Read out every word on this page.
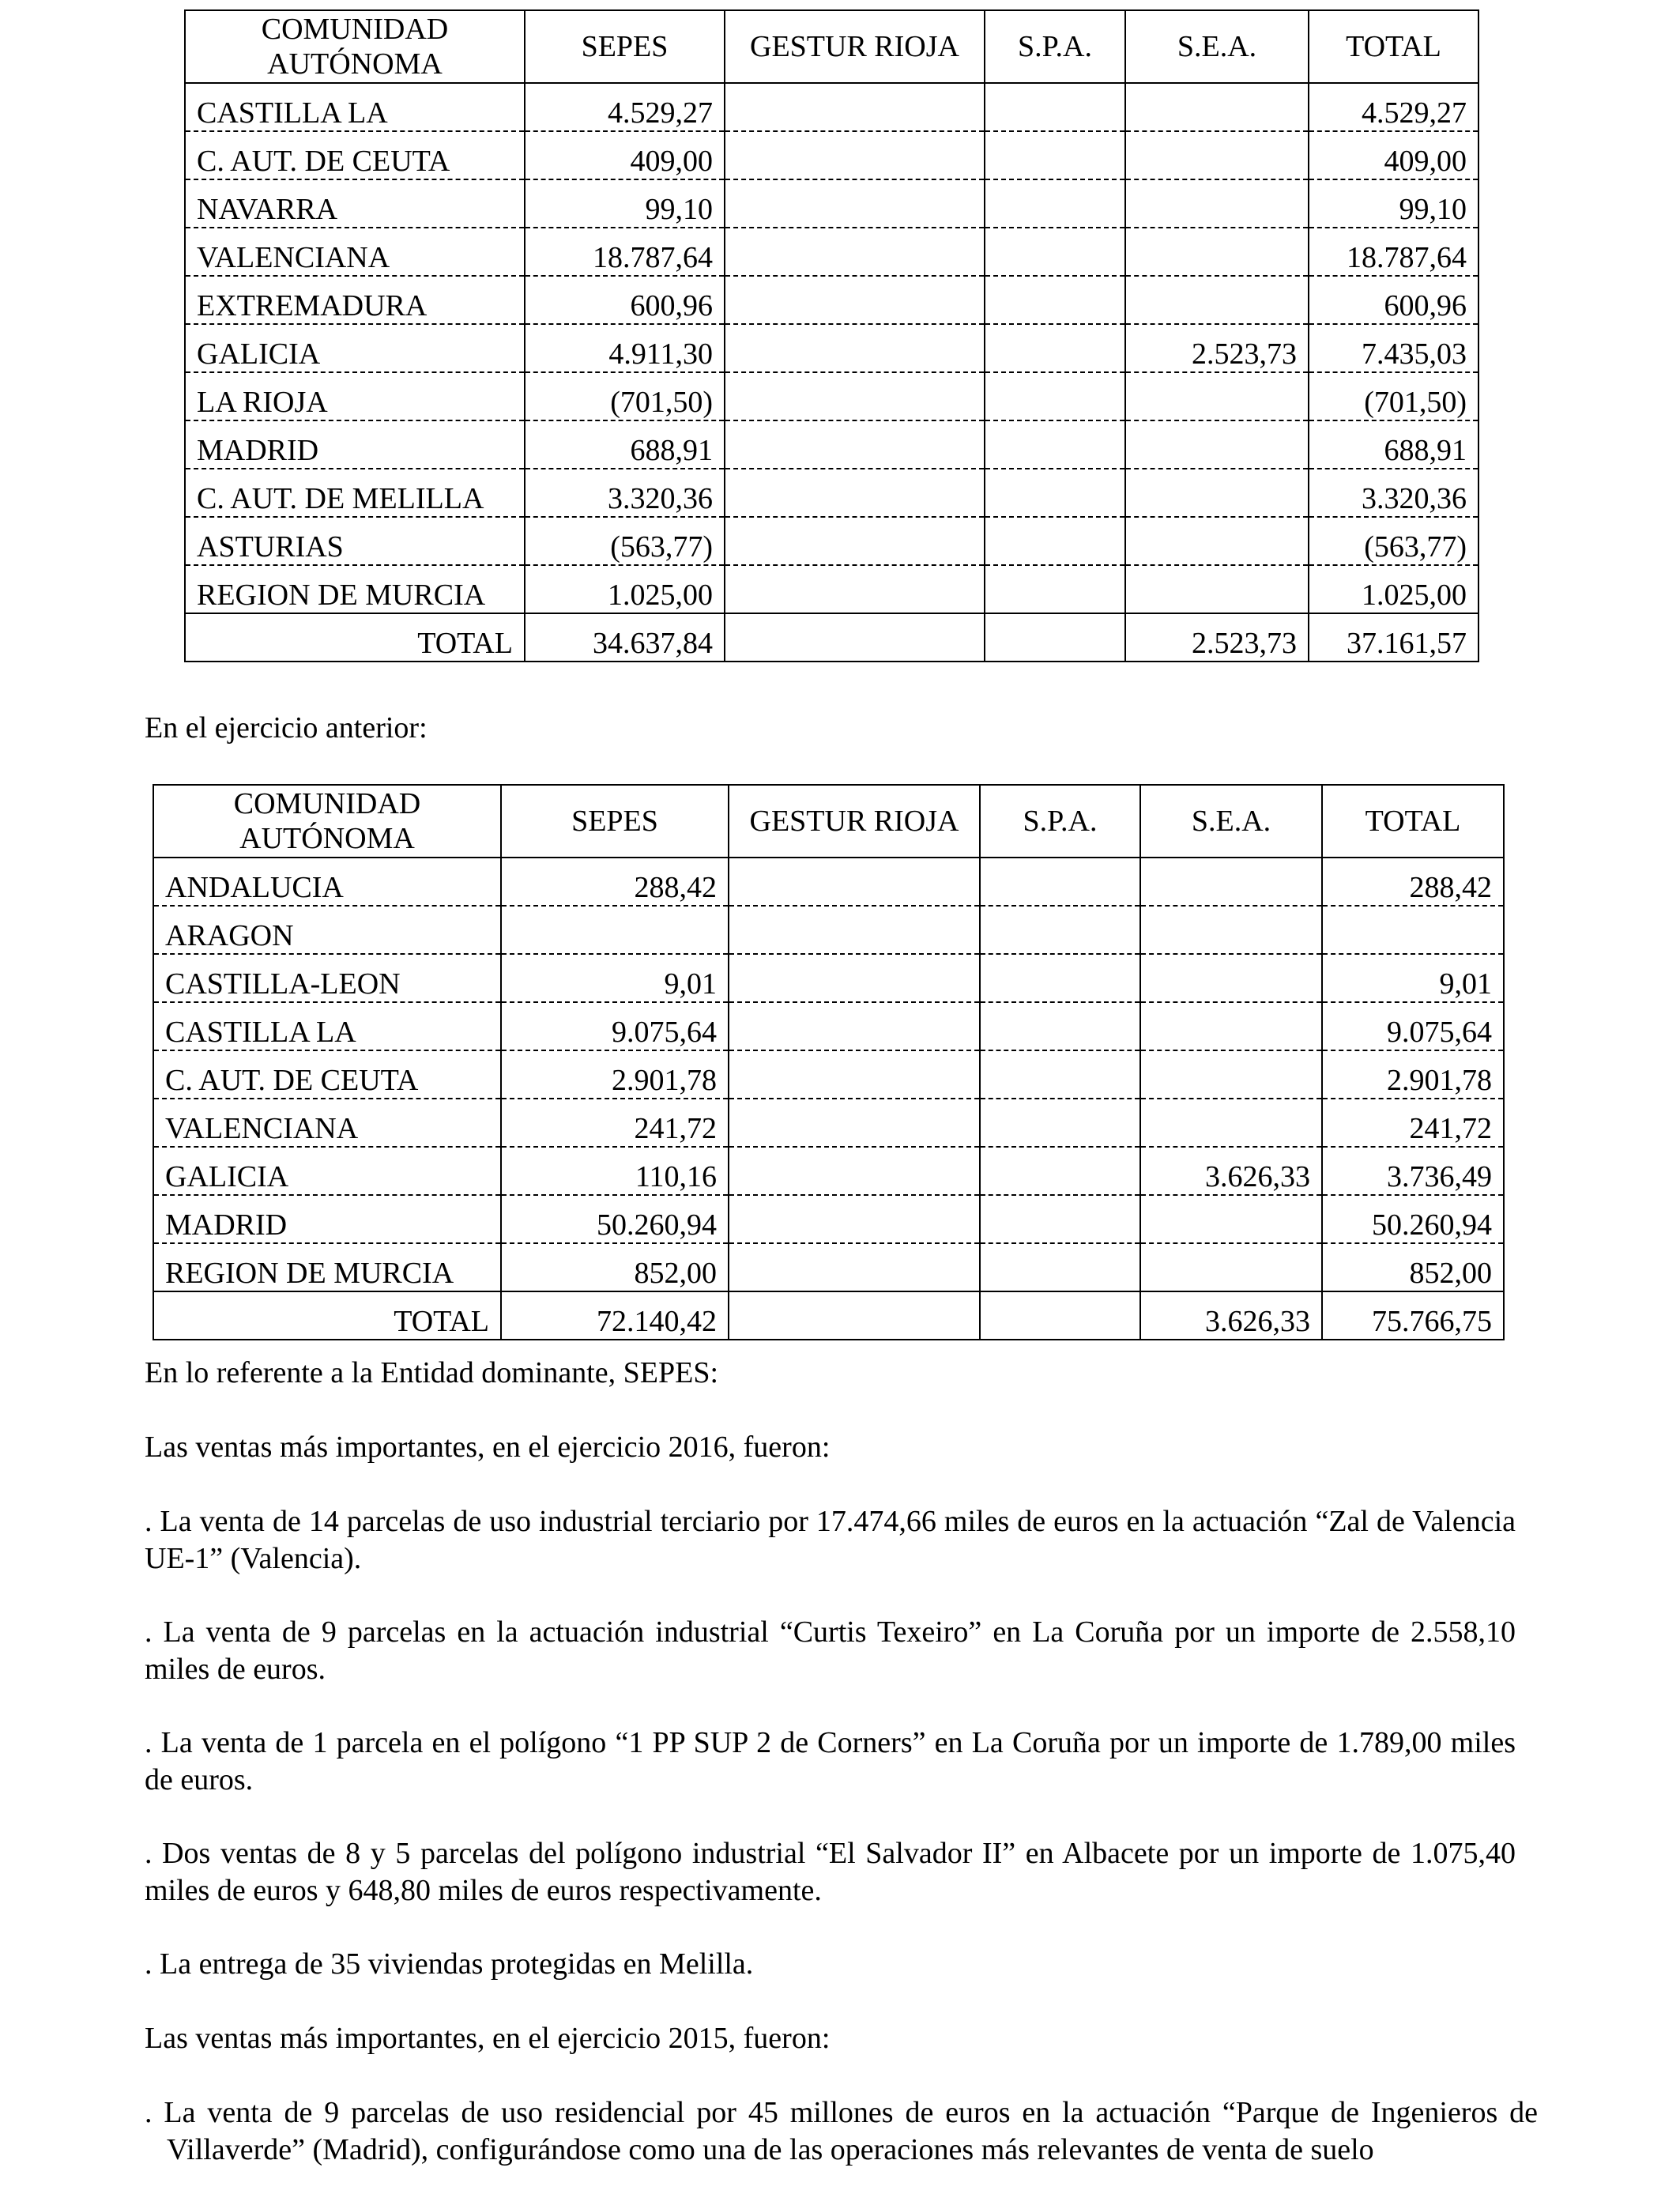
COMUNIDAD AUTÓNOMA	SEPES	GESTUR RIOJA	S.P.A.	S.E.A.	TOTAL
CASTILLA LA	4.529,27				4.529,27
C. AUT. DE CEUTA	409,00				409,00
NAVARRA	99,10				99,10
VALENCIANA	18.787,64				18.787,64
EXTREMADURA	600,96				600,96
GALICIA	4.911,30			2.523,73	7.435,03
LA RIOJA	(701,50)				(701,50)
MADRID	688,91				688,91
C. AUT. DE MELILLA	3.320,36				3.320,36
ASTURIAS	(563,77)				(563,77)
REGION DE MURCIA	1.025,00				1.025,00
TOTAL	34.637,84			2.523,73	37.161,57

En el ejercicio anterior:

COMUNIDAD AUTÓNOMA	SEPES	GESTUR RIOJA	S.P.A.	S.E.A.	TOTAL
ANDALUCIA	288,42				288,42
ARAGON					
CASTILLA-LEON	9,01				9,01
CASTILLA LA	9.075,64				9.075,64
C. AUT. DE CEUTA	2.901,78				2.901,78
VALENCIANA	241,72				241,72
GALICIA	110,16			3.626,33	3.736,49
MADRID	50.260,94				50.260,94
REGION DE MURCIA	852,00				852,00
TOTAL	72.140,42			3.626,33	75.766,75

En lo referente a la Entidad dominante, SEPES:

Las ventas más importantes, en el ejercicio 2016, fueron:

. La venta de 14 parcelas de uso industrial terciario por 17.474,66 miles de euros en la actuación “Zal de Valencia UE-1” (Valencia).

. La venta de 9 parcelas en la actuación industrial “Curtis Texeiro” en La Coruña por un importe de 2.558,10 miles de euros.

. La venta de 1 parcela en el polígono “1 PP SUP 2 de Corners” en La Coruña por un importe de 1.789,00 miles de euros.

. Dos ventas de 8 y 5 parcelas del polígono industrial “El Salvador II” en Albacete por un importe de 1.075,40 miles de euros y 648,80 miles de euros respectivamente.

. La entrega de 35 viviendas protegidas en Melilla.

Las ventas más importantes, en el ejercicio 2015, fueron:

. La venta de 9 parcelas de uso residencial por 45 millones de euros en la actuación “Parque de Ingenieros de Villaverde” (Madrid), configurándose como una de las operaciones más relevantes de venta de suelo
